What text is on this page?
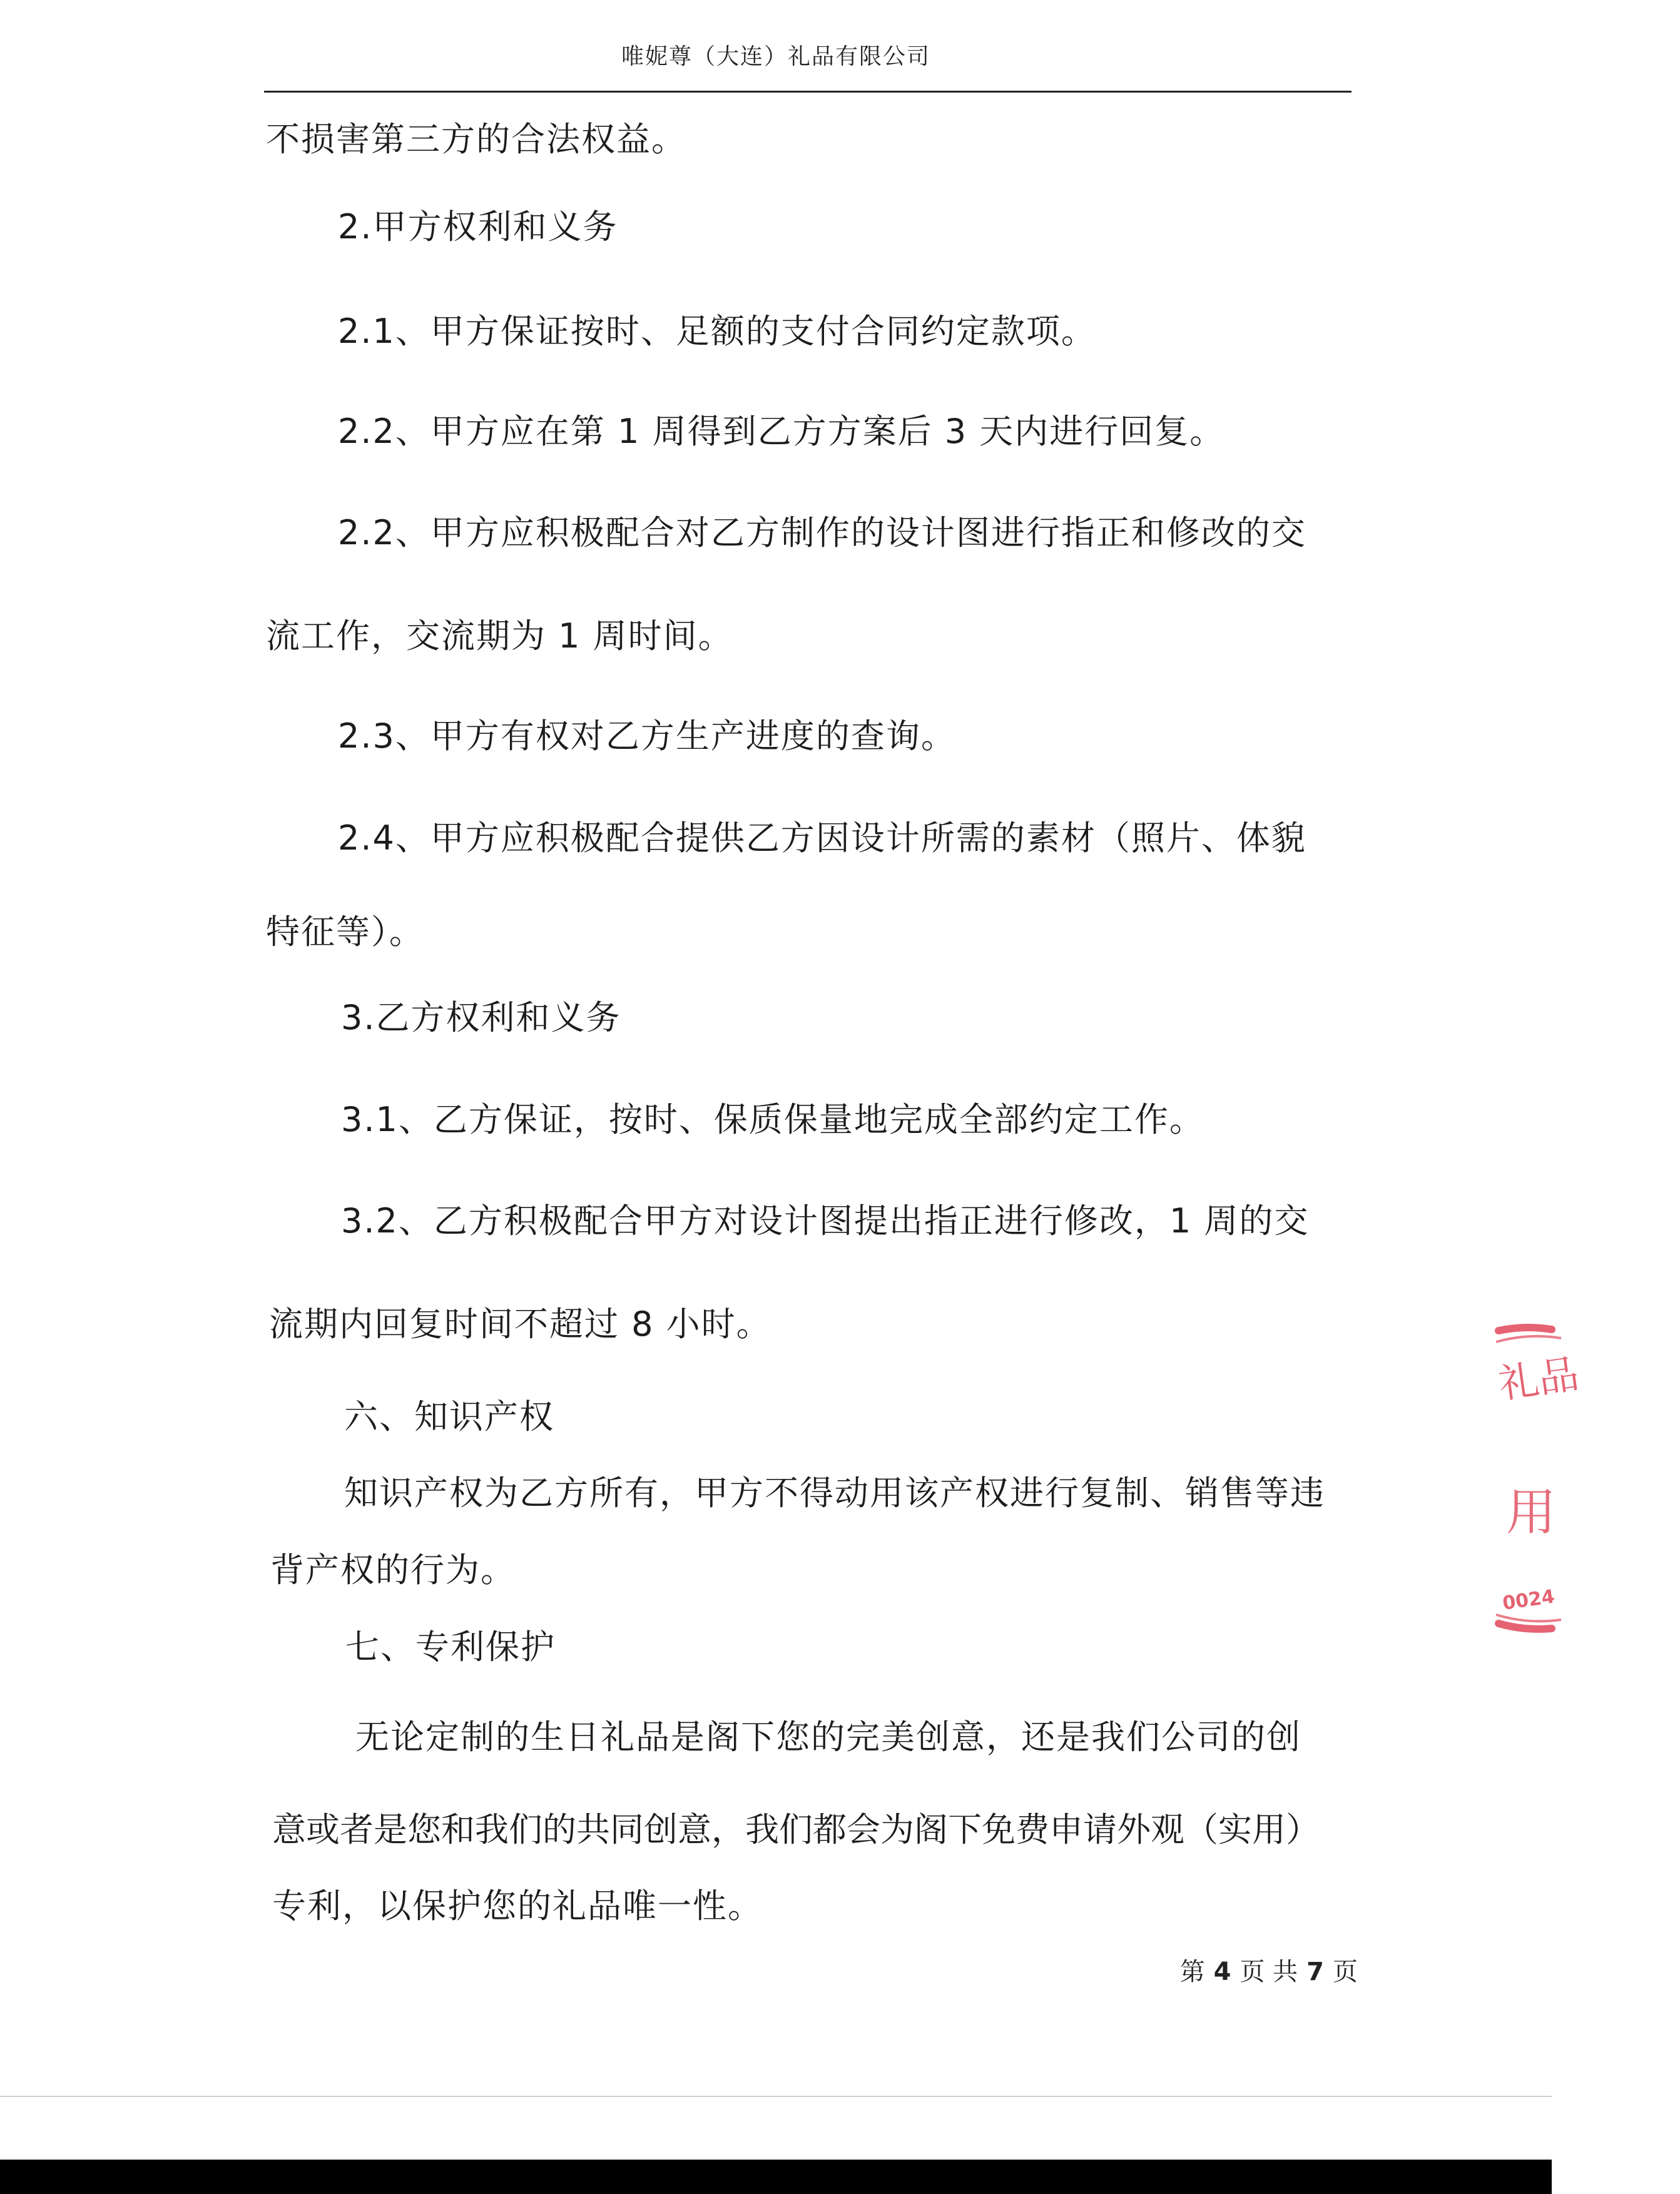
唯妮尊（大连）礼品有限公司
不损害第三方的合法权益。
2.甲方权利和义务
2.1、甲方保证按时、足额的支付合同约定款项。
2.2、甲方应在第 1 周得到乙方方案后 3 天内进行回复。
2.2、甲方应积极配合对乙方制作的设计图进行指正和修改的交
流工作，交流期为 1 周时间。
2.3、甲方有权对乙方生产进度的查询。
2.4、甲方应积极配合提供乙方因设计所需的素材（照片、体貌
特征等）。
3.乙方权利和义务
3.1、乙方保证，按时、保质保量地完成全部约定工作。
3.2、乙方积极配合甲方对设计图提出指正进行修改，1 周的交
流期内回复时间不超过 8 小时。
六、知识产权
知识产权为乙方所有，甲方不得动用该产权进行复制、销售等违
背产权的行为。
七、专利保护
无论定制的生日礼品是阁下您的完美创意，还是我们公司的创
意或者是您和我们的共同创意，我们都会为阁下免费申请外观（实用）
专利，以保护您的礼品唯一性。
第 4 页 共 7 页
礼品
用
0024
